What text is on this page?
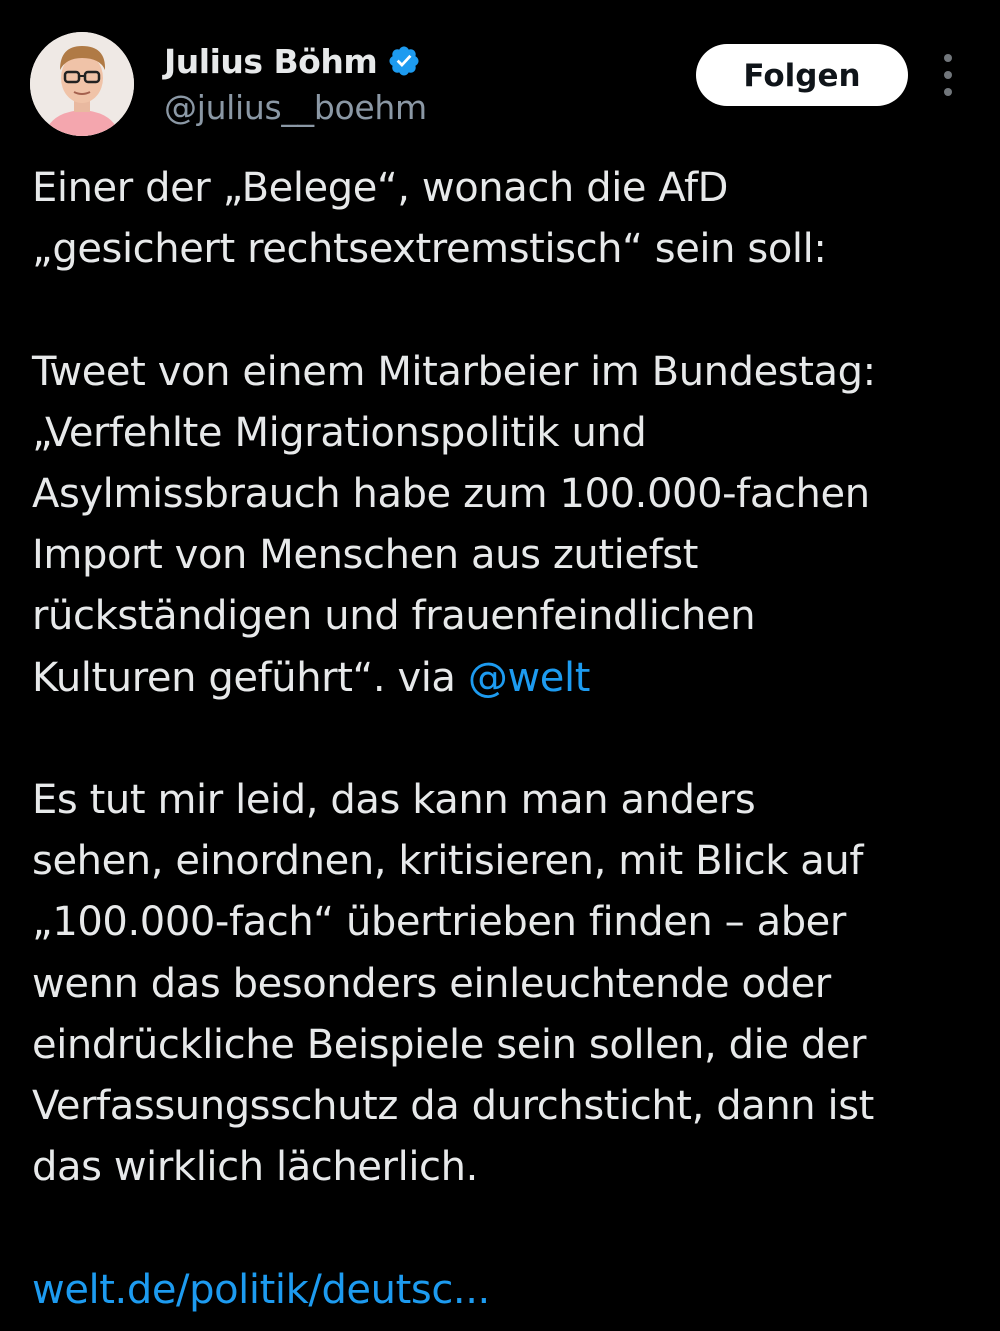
Julius Böhm
@julius__boehm
Folgen
Einer der „Belege“, wonach die AfD
„gesichert rechtsextremstisch“ sein soll:
Tweet von einem Mitarbeier im Bundestag:
„Verfehlte Migrationspolitik und
Asylmissbrauch habe zum 100.000-fachen
Import von Menschen aus zutiefst
rückständigen und frauenfeindlichen
Kulturen geführt“. via @welt
Es tut mir leid, das kann man anders
sehen, einordnen, kritisieren, mit Blick auf
„100.000-fach“ übertrieben finden – aber
wenn das besonders einleuchtende oder
eindrückliche Beispiele sein sollen, die der
Verfassungsschutz da durchsticht, dann ist
das wirklich lächerlich.
welt.de/politik/deutsc...
